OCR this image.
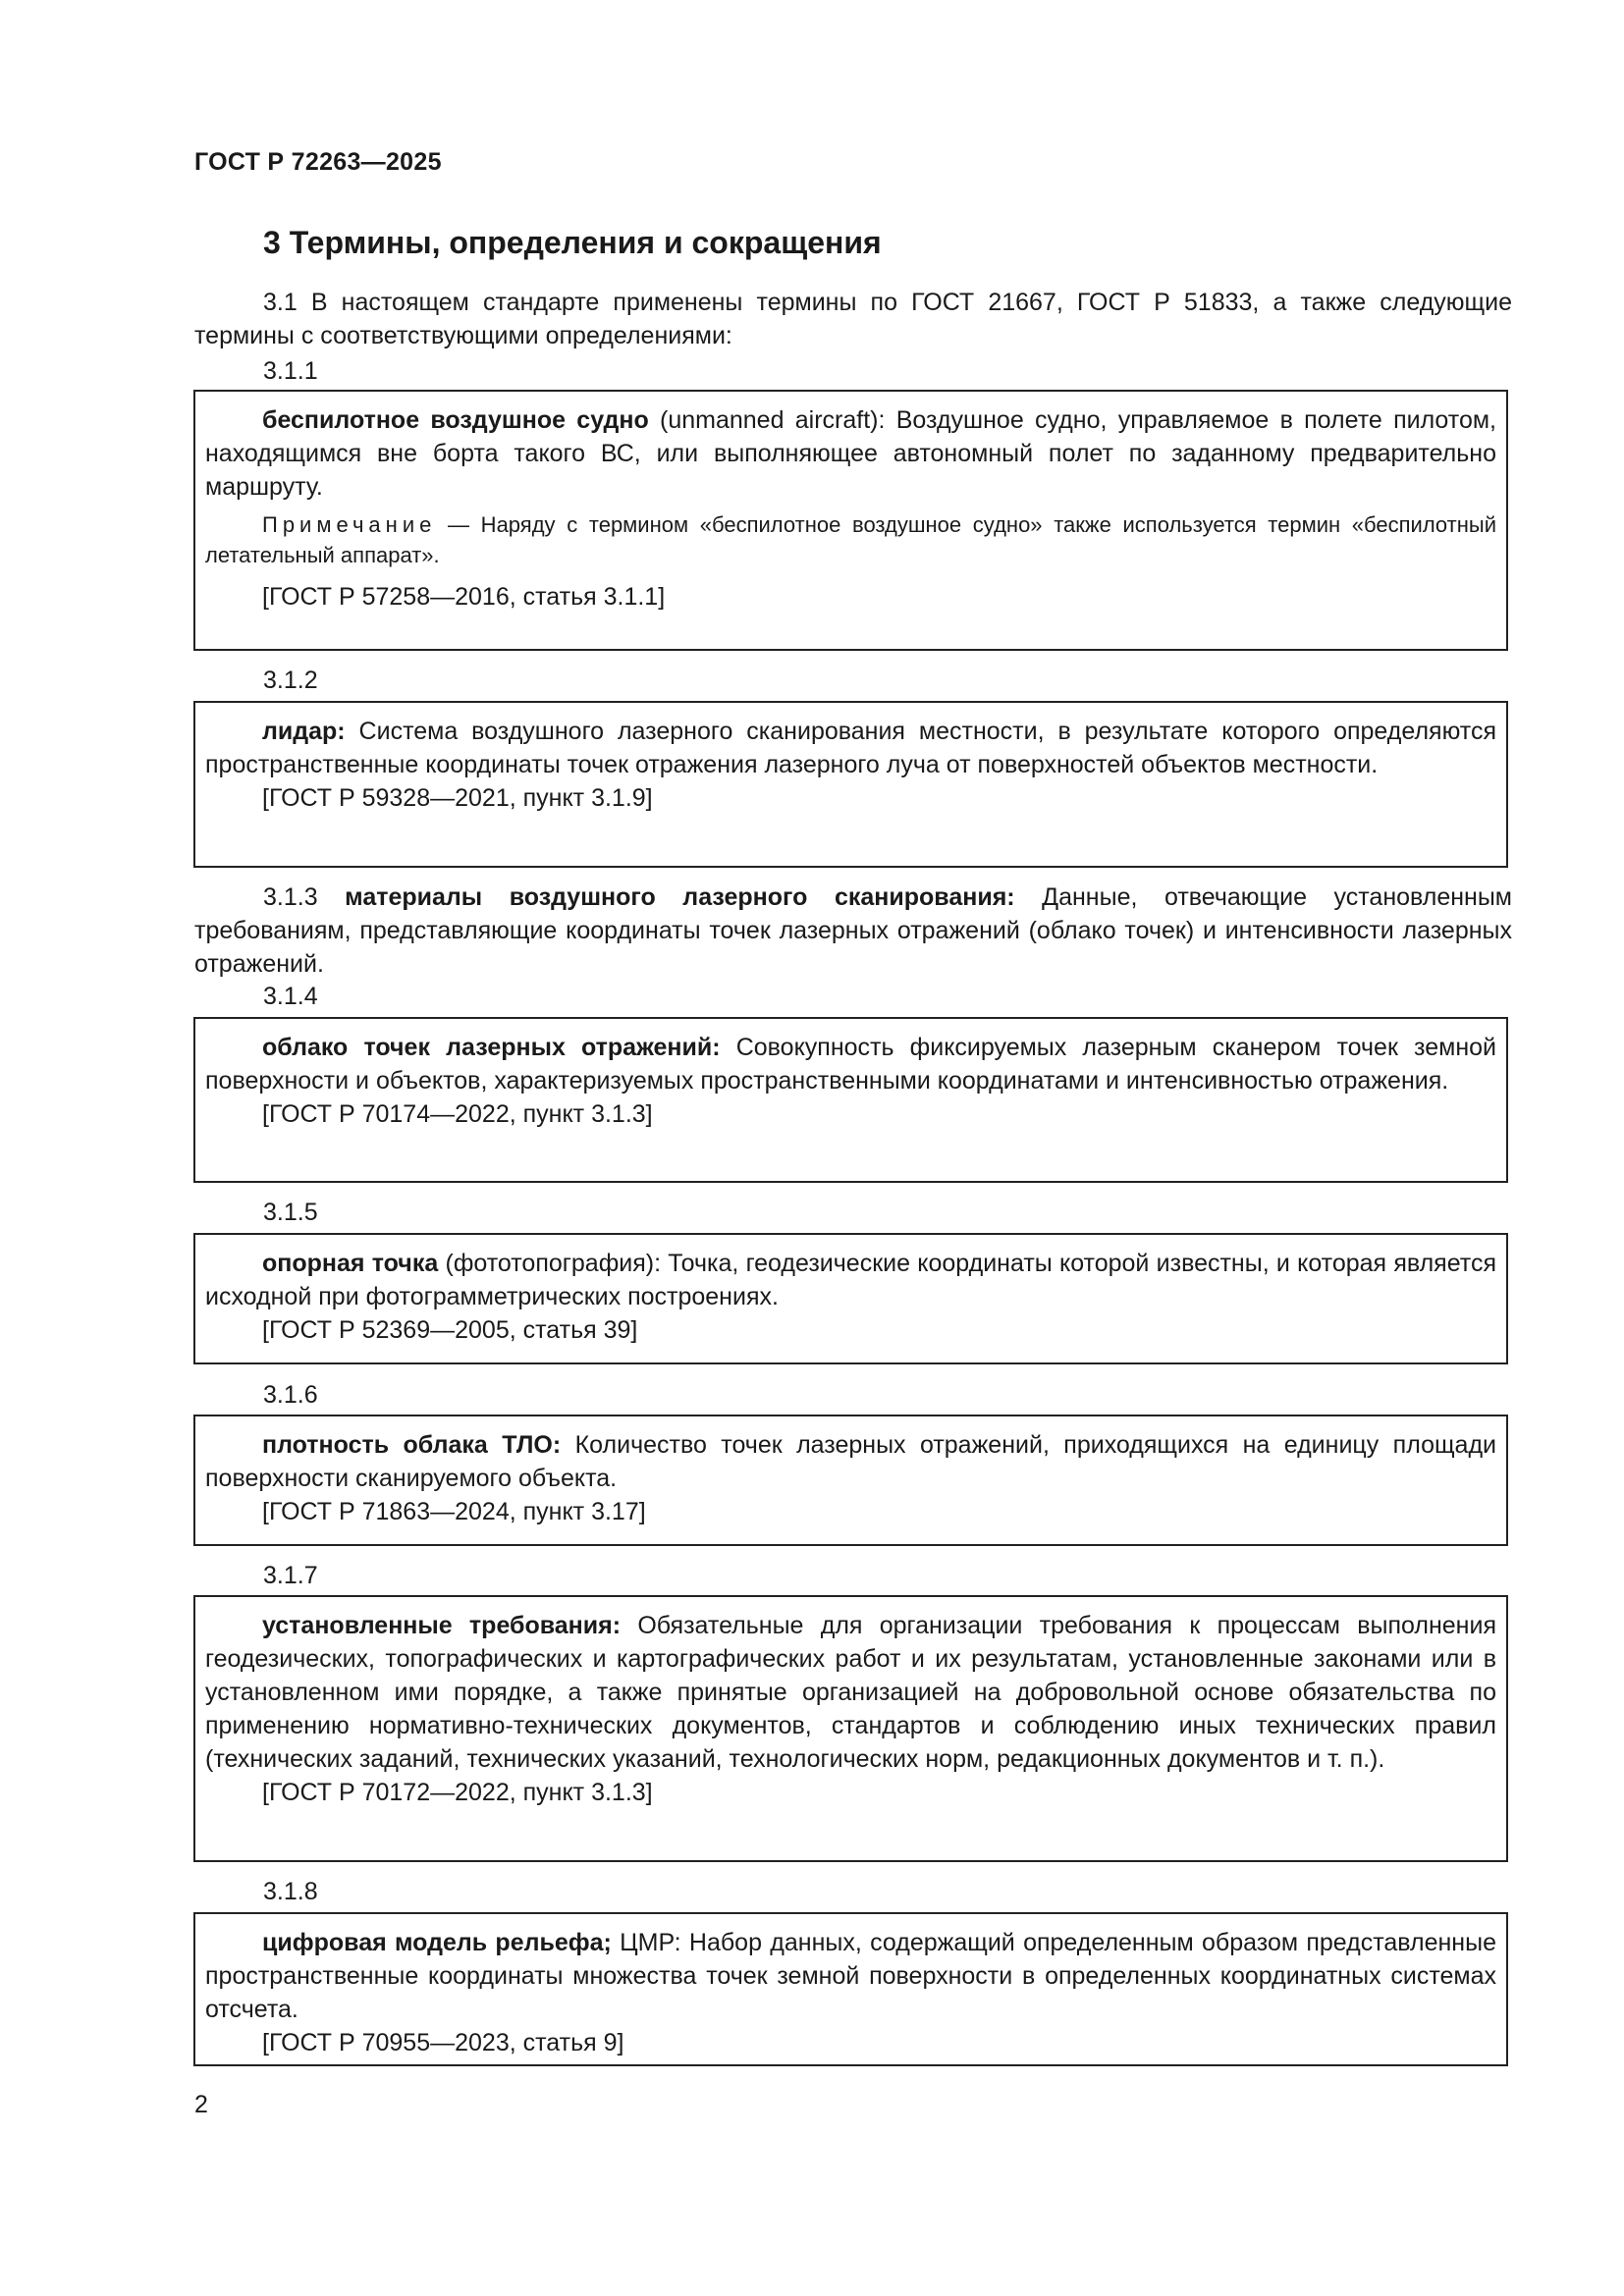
ГОСТ Р 72263—2025
3 Термины, определения и сокращения
3.1 В настоящем стандарте применены термины по ГОСТ 21667, ГОСТ Р 51833, а также следующие термины с соответствующими определениями:
3.1.1
беспилотное воздушное судно (unmanned aircraft): Воздушное судно, управляемое в полете пилотом, находящимся вне борта такого ВС, или выполняющее автономный полет по заданному предварительно маршруту.
Примечание — Наряду с термином «беспилотное воздушное судно» также используется термин «беспилотный летательный аппарат».
[ГОСТ Р 57258—2016, статья 3.1.1]
3.1.2
лидар: Система воздушного лазерного сканирования местности, в результате которого определяются пространственные координаты точек отражения лазерного луча от поверхностей объектов местности.
[ГОСТ Р 59328—2021, пункт 3.1.9]
3.1.3 материалы воздушного лазерного сканирования: Данные, отвечающие установленным требованиям, представляющие координаты точек лазерных отражений (облако точек) и интенсивности лазерных отражений.
3.1.4
облако точек лазерных отражений: Совокупность фиксируемых лазерным сканером точек земной поверхности и объектов, характеризуемых пространственными координатами и интенсивностью отражения.
[ГОСТ Р 70174—2022, пункт 3.1.3]
3.1.5
опорная точка (фототопография): Точка, геодезические координаты которой известны, и которая является исходной при фотограмметрических построениях.
[ГОСТ Р 52369—2005, статья 39]
3.1.6
плотность облака ТЛО: Количество точек лазерных отражений, приходящихся на единицу площади поверхности сканируемого объекта.
[ГОСТ Р 71863—2024, пункт 3.17]
3.1.7
установленные требования: Обязательные для организации требования к процессам выполнения геодезических, топографических и картографических работ и их результатам, установленные законами или в установленном ими порядке, а также принятые организацией на добровольной основе обязательства по применению нормативно-технических документов, стандартов и соблюдению иных технических правил (технических заданий, технических указаний, технологических норм, редакционных документов и т. п.).
[ГОСТ Р 70172—2022, пункт 3.1.3]
3.1.8
цифровая модель рельефа; ЦМР: Набор данных, содержащий определенным образом представленные пространственные координаты множества точек земной поверхности в определенных координатных системах отсчета.
[ГОСТ Р 70955—2023, статья 9]
2
